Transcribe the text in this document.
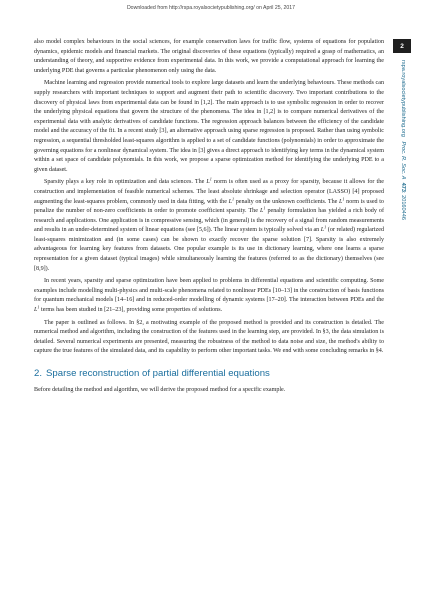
Downloaded from http://rspa.royalsocietypublishing.org/ on April 25, 2017
2
rspa.royalsocietypublishing.org   Proc. R. Soc. A  473: 20160446

also model complex behaviours in the social sciences, for example conservation laws for traffic flow, systems of equations for population dynamics, epidemic models and financial markets. The original discoveries of these equations (typically) required a grasp of mathematics, an understanding of theory, and supportive evidence from experimental data. In this work, we provide a computational approach for learning the underlying PDE that governs a particular phenomenon only using the data.

Machine learning and regression provide numerical tools to explore large datasets and learn the underlying behaviours. These methods can supply researchers with important techniques to support and augment their path to scientific discovery. Two important contributions to the discovery of physical laws from experimental data can be found in [1,2]. The main approach is to use symbolic regression in order to recover the underlying physical equations that govern the structure of the phenomena. The idea in [1,2] is to compare numerical derivatives of the experimental data with analytic derivatives of candidate functions. The regression approach balances between the efficiency of the candidate model and the accuracy of the fit. In a recent study [3], an alternative approach using sparse regression is proposed. Rather than using symbolic regression, a sequential thresholded least-squares algorithm is applied to a set of candidate functions (polynomials) in order to approximate the governing equations for a nonlinear dynamical system. The idea in [3] gives a direct approach to identifying key terms in the dynamical system within a set space of candidate polynomials. In this work, we propose a sparse optimization method for identifying the underlying PDE to a given dataset.

Sparsity plays a key role in optimization and data sciences. The $L^1$ norm is often used as a proxy for sparsity, because it allows for the construction and implementation of feasible numerical schemes. The least absolute shrinkage and selection operator (LASSO) [4] proposed augmenting the least-squares problem, commonly used in data fitting, with the $L^1$ penalty on the unknown coefficients. The $L^1$ norm is used to penalize the number of non-zero coefficients in order to promote coefficient sparsity. The $L^1$ penalty formulation has yielded a rich body of research and applications. One application is in compressive sensing, which (in general) is the recovery of a signal from random measurements and results in an under-determined system of linear equations (see [5,6]). The linear system is typically solved via an $L^1$ (or related) regularized least-squares minimization and (in some cases) can be shown to exactly recover the sparse solution [7]. Sparsity is also extremely advantageous for learning key features from datasets. One popular example is its use in dictionary learning, where one learns a sparse representation for a given dataset (typical images) while simultaneously learning the features (referred to as the dictionary) themselves (see [8,9]).

In recent years, sparsity and sparse optimization have been applied to problems in differential equations and scientific computing. Some examples include modelling multi-physics and multi-scale phenomena related to nonlinear PDEs [10–13] in the construction of basis functions for quantum mechanical models [14–16] and in reduced-order modelling of dynamic systems [17–20]. The interaction between PDEs and the $L^1$ terms has been studied in [21–23], providing some properties of solutions.

The paper is outlined as follows. In §2, a motivating example of the proposed method is provided and its construction is detailed. The numerical method and algorithm, including the construction of the features used in the learning step, are provided. In §3, the data simulation is detailed. Several numerical experiments are presented, measuring the robustness of the method to data noise and size, the method's ability to capture the true features of the simulated data, and its capability to perform other important tasks. We end with some concluding remarks in §4.

2. Sparse reconstruction of partial differential equations

Before detailing the method and algorithm, we will derive the proposed method for a specific example.
